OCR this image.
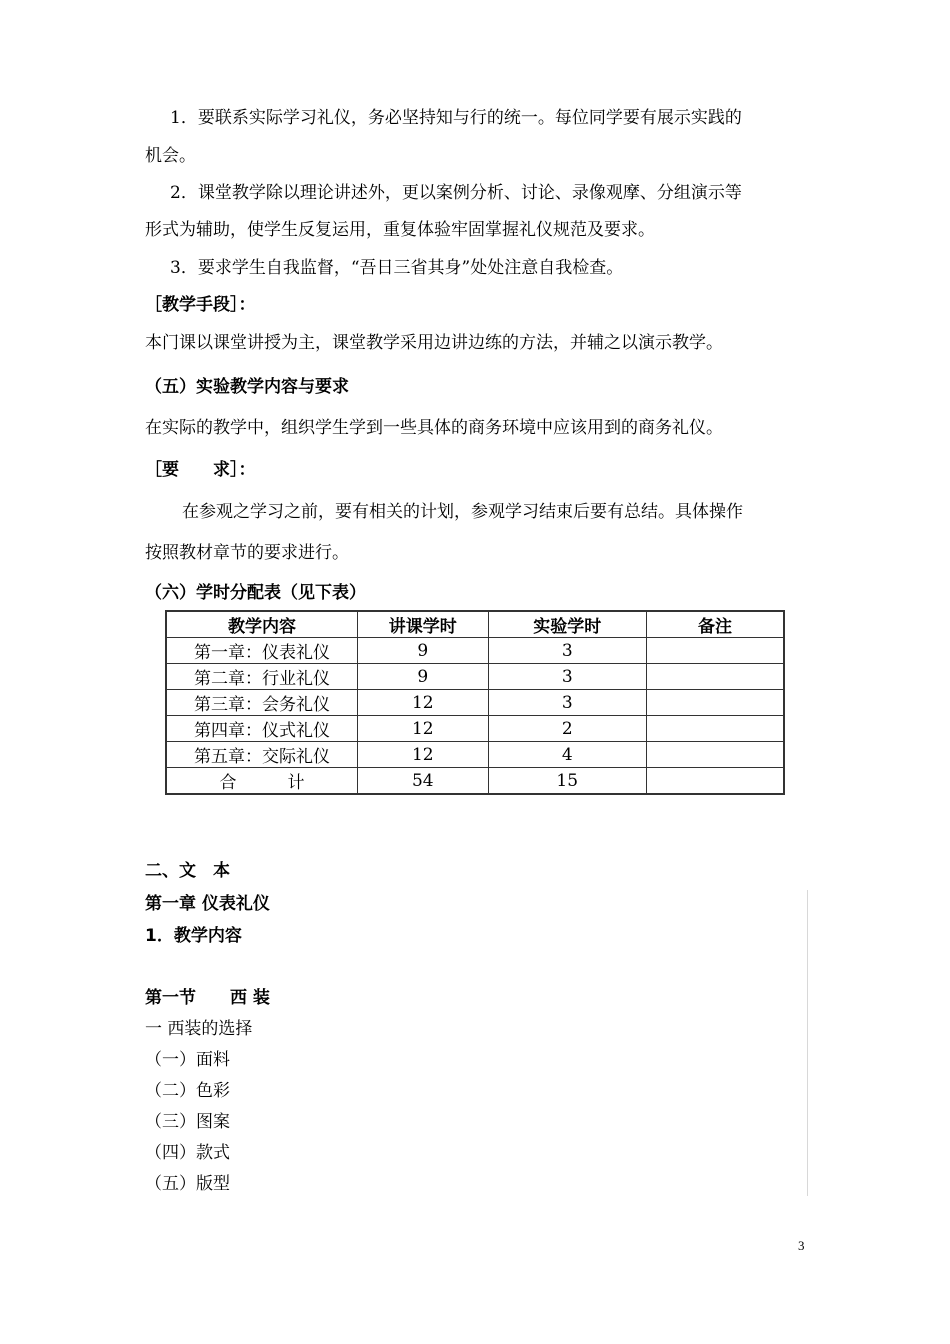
1．要联系实际学习礼仪，务必坚持知与行的统一。每位同学要有展示实践的
机会。
2．课堂教学除以理论讲述外，更以案例分析、讨论、录像观摩、分组演示等
形式为辅助，使学生反复运用，重复体验牢固掌握礼仪规范及要求。
3．要求学生自我监督，“吾日三省其身”处处注意自我检查。
［教学手段］：
本门课以课堂讲授为主，课堂教学采用边讲边练的方法，并辅之以演示教学。
（五）实验教学内容与要求
在实际的教学中，组织学生学到一些具体的商务环境中应该用到的商务礼仪。
［要　　求］：
在参观之学习之前，要有相关的计划，参观学习结束后要有总结。具体操作
按照教材章节的要求进行。
（六）学时分配表（见下表）
教学内容	讲课学时	实验学时	备注
第一章：仪表礼仪	9	3	
第二章：行业礼仪	9	3	
第三章：会务礼仪	12	3	
第四章：仪式礼仪	12	2	
第五章：交际礼仪	12	4	
合　　　计	54	15	
二、文　本
第一章 仪表礼仪
1．教学内容
第一节　　西 装
一 西装的选择
（一）面料
（二）色彩
（三）图案
（四）款式
（五）版型
3
